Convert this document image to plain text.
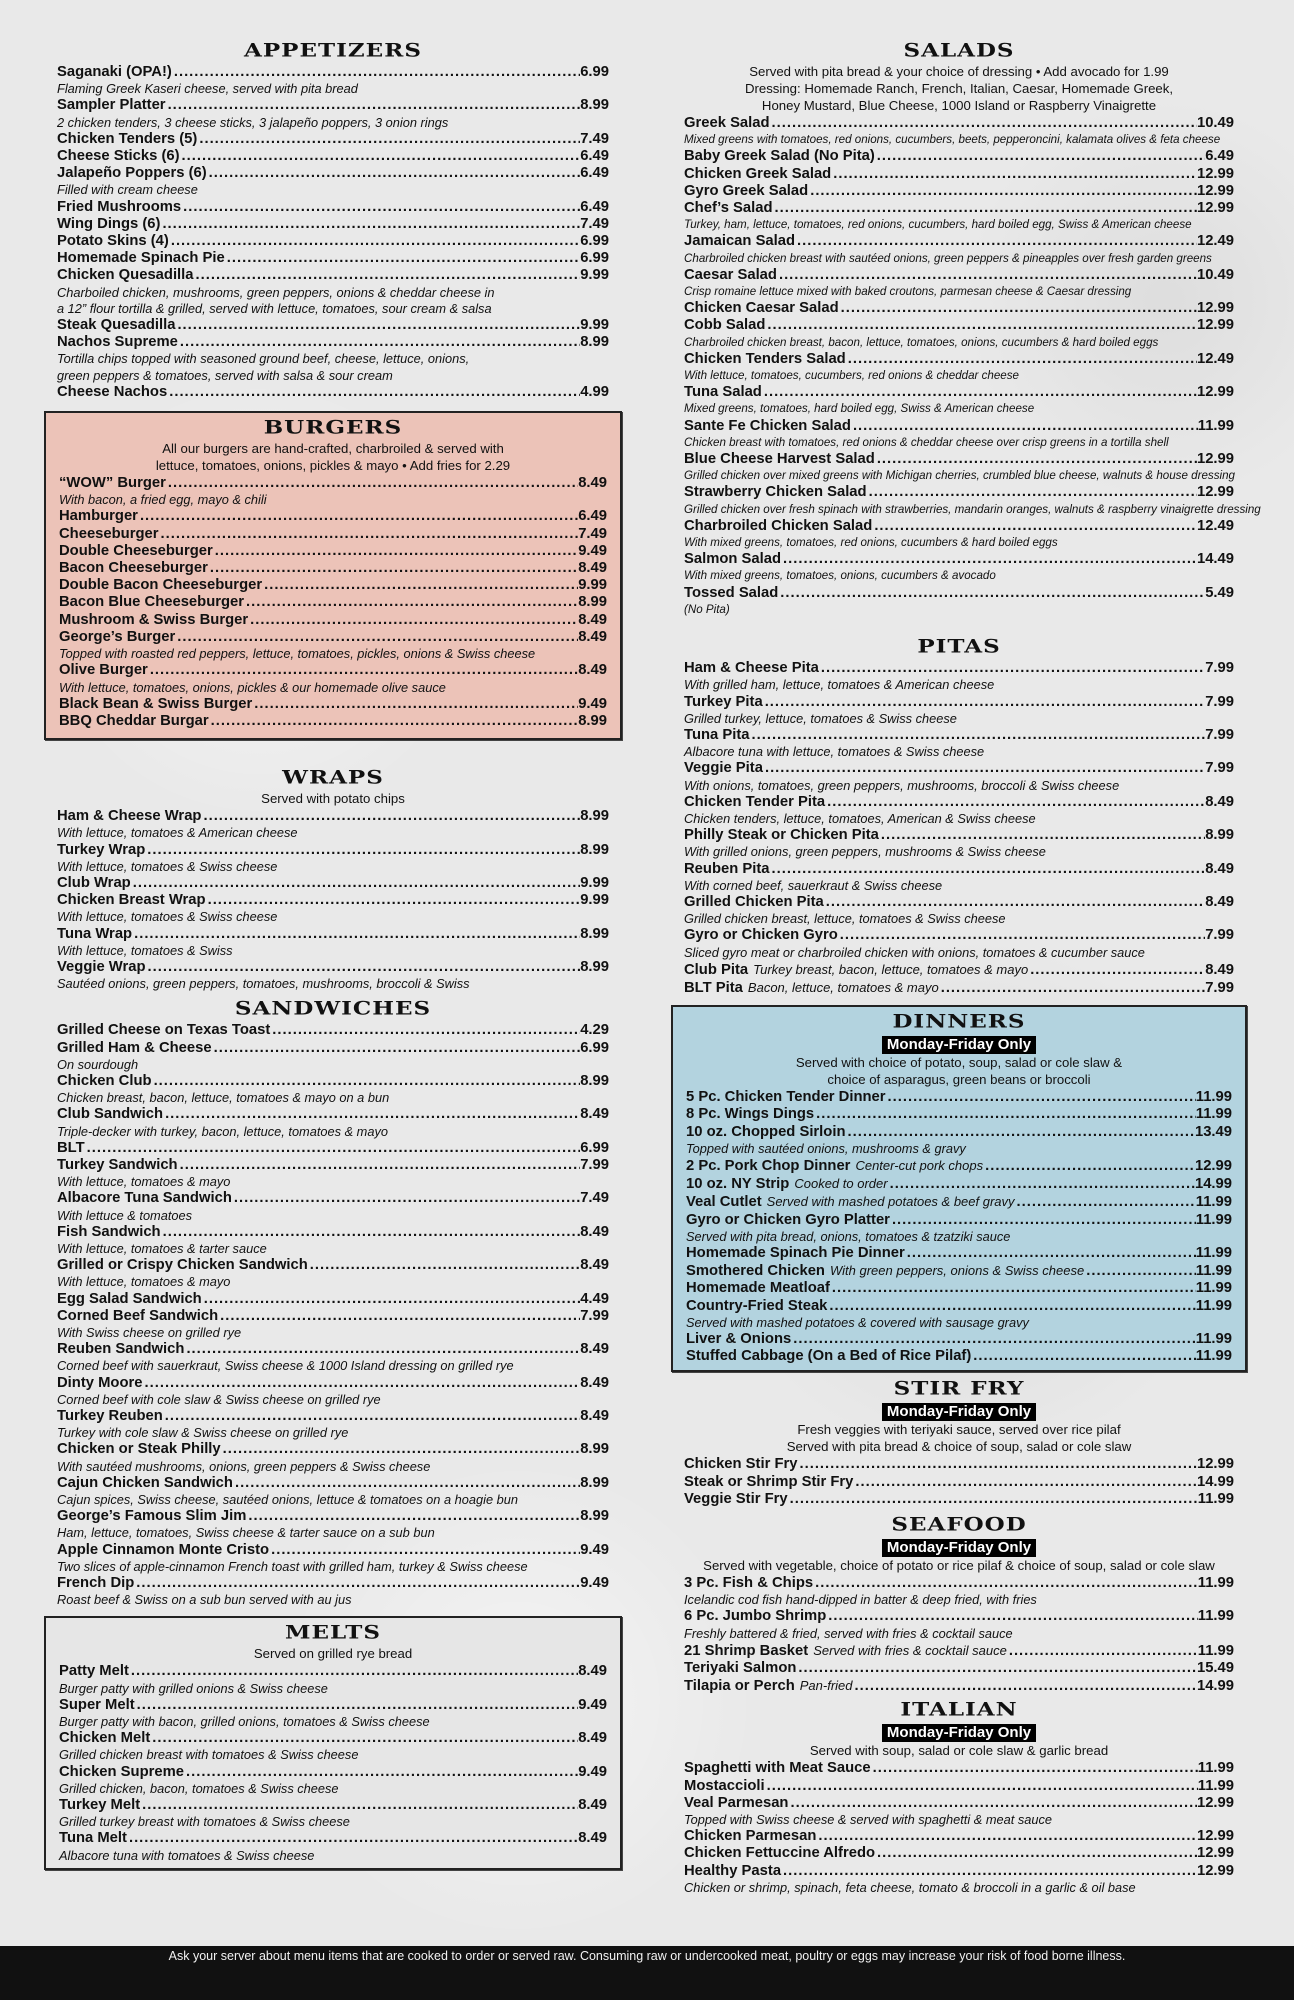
APPETIZERS
Saganaki (OPA!) .....	6.99
Flaming Greek Kaseri cheese, served with pita bread
Sampler Platter .....	8.99
2 chicken tenders, 3 cheese sticks, 3 jalapeño poppers, 3 onion rings
Chicken Tenders (5) .....	7.49
Cheese Sticks (6) .....	6.49
Jalapeño Poppers (6) .....	6.49
Filled with cream cheese
Fried Mushrooms .....	6.49
Wing Dings (6) .....	7.49
Potato Skins (4) .....	6.99
Homemade Spinach Pie .....	6.99
Chicken Quesadilla .....	9.99
Charboiled chicken, mushrooms, green peppers, onions & cheddar cheese in
a 12” flour tortilla & grilled, served with lettuce, tomatoes, sour cream & salsa
Steak Quesadilla .....	9.99
Nachos Supreme .....	8.99
Tortilla chips topped with seasoned ground beef, cheese, lettuce, onions,
green peppers & tomatoes, served with salsa & sour cream
Cheese Nachos .....	4.99
BURGERS
All our burgers are hand-crafted, charbroiled & served with
lettuce, tomatoes, onions, pickles & mayo • Add fries for 2.29
“WOW” Burger .....	8.49
With bacon, a fried egg, mayo & chili
Hamburger .....	6.49
Cheeseburger .....	7.49
Double Cheeseburger .....	9.49
Bacon Cheeseburger .....	8.49
Double Bacon Cheeseburger .....	9.99
Bacon Blue Cheeseburger .....	8.99
Mushroom & Swiss Burger .....	8.49
George’s Burger .....	8.49
Topped with roasted red peppers, lettuce, tomatoes, pickles, onions & Swiss cheese
Olive Burger .....	8.49
With lettuce, tomatoes, onions, pickles & our homemade olive sauce
Black Bean & Swiss Burger .....	9.49
BBQ Cheddar Burgar .....	8.99
WRAPS
Served with potato chips
Ham & Cheese Wrap .....	8.99
With lettuce, tomatoes & American cheese
Turkey Wrap .....	8.99
With lettuce, tomatoes & Swiss cheese
Club Wrap .....	9.99
Chicken Breast Wrap .....	9.99
With lettuce, tomatoes & Swiss cheese
Tuna Wrap .....	8.99
With lettuce, tomatoes & Swiss
Veggie Wrap .....	8.99
Sautéed onions, green peppers, tomatoes, mushrooms, broccoli & Swiss
SANDWICHES
Grilled Cheese on Texas Toast .....	4.29
Grilled Ham & Cheese .....	6.99
On sourdough
Chicken Club .....	8.99
Chicken breast, bacon, lettuce, tomatoes & mayo on a bun
Club Sandwich .....	8.49
Triple-decker with turkey, bacon, lettuce, tomatoes & mayo
BLT .....	6.99
Turkey Sandwich .....	7.99
With lettuce, tomatoes & mayo
Albacore Tuna Sandwich .....	7.49
With lettuce & tomatoes
Fish Sandwich .....	8.49
With lettuce, tomatoes & tarter sauce
Grilled or Crispy Chicken Sandwich .....	8.49
With lettuce, tomatoes & mayo
Egg Salad Sandwich .....	4.49
Corned Beef Sandwich .....	7.99
With Swiss cheese on grilled rye
Reuben Sandwich .....	8.49
Corned beef with sauerkraut, Swiss cheese & 1000 Island dressing on grilled rye
Dinty Moore .....	8.49
Corned beef with cole slaw & Swiss cheese on grilled rye
Turkey Reuben .....	8.49
Turkey with cole slaw & Swiss cheese on grilled rye
Chicken or Steak Philly .....	8.99
With sautéed mushrooms, onions, green peppers & Swiss cheese
Cajun Chicken Sandwich .....	8.99
Cajun spices, Swiss cheese, sautéed onions, lettuce & tomatoes on a hoagie bun
George’s Famous Slim Jim .....	8.99
Ham, lettuce, tomatoes, Swiss cheese & tarter sauce on a sub bun
Apple Cinnamon Monte Cristo .....	9.49
Two slices of apple-cinnamon French toast with grilled ham, turkey & Swiss cheese
French Dip .....	9.49
Roast beef & Swiss on a sub bun served with au jus
MELTS
Served on grilled rye bread
Patty Melt .....	8.49
Burger patty with grilled onions & Swiss cheese
Super Melt .....	9.49
Burger patty with bacon, grilled onions, tomatoes & Swiss cheese
Chicken Melt .....	8.49
Grilled chicken breast with tomatoes & Swiss cheese
Chicken Supreme .....	9.49
Grilled chicken, bacon, tomatoes & Swiss cheese
Turkey Melt .....	8.49
Grilled turkey breast with tomatoes & Swiss cheese
Tuna Melt .....	8.49
Albacore tuna with tomatoes & Swiss cheese
SALADS
Served with pita bread & your choice of dressing • Add avocado for 1.99
Dressing: Homemade Ranch, French, Italian, Caesar, Homemade Greek,
Honey Mustard, Blue Cheese, 1000 Island or Raspberry Vinaigrette
Greek Salad .....	10.49
Mixed greens with tomatoes, red onions, cucumbers, beets, pepperoncini, kalamata olives & feta cheese
Baby Greek Salad (No Pita) .....	6.49
Chicken Greek Salad .....	12.99
Gyro Greek Salad .....	12.99
Chef’s Salad .....	12.99
Turkey, ham, lettuce, tomatoes, red onions, cucumbers, hard boiled egg, Swiss & American cheese
Jamaican Salad .....	12.49
Charbroiled chicken breast with sautéed onions, green peppers & pineapples over fresh garden greens
Caesar Salad .....	10.49
Crisp romaine lettuce mixed with baked croutons, parmesan cheese & Caesar dressing
Chicken Caesar Salad .....	12.99
Cobb Salad .....	12.99
Charbroiled chicken breast, bacon, lettuce, tomatoes, onions, cucumbers & hard boiled eggs
Chicken Tenders Salad .....	12.49
With lettuce, tomatoes, cucumbers, red onions & cheddar cheese
Tuna Salad .....	12.99
Mixed greens, tomatoes, hard boiled egg, Swiss & American cheese
Sante Fe Chicken Salad .....	11.99
Chicken breast with tomatoes, red onions & cheddar cheese over crisp greens in a tortilla shell
Blue Cheese Harvest Salad .....	12.99
Grilled chicken over mixed greens with Michigan cherries, crumbled blue cheese, walnuts & house dressing
Strawberry Chicken Salad .....	12.99
Grilled chicken over fresh spinach with strawberries, mandarin oranges, walnuts & raspberry vinaigrette dressing
Charbroiled Chicken Salad .....	12.49
With mixed greens, tomatoes, red onions, cucumbers & hard boiled eggs
Salmon Salad .....	14.49
With mixed greens, tomatoes, onions, cucumbers & avocado
Tossed Salad .....	5.49
(No Pita)
PITAS
Ham & Cheese Pita .....	7.99
With grilled ham, lettuce, tomatoes & American cheese
Turkey Pita .....	7.99
Grilled turkey, lettuce, tomatoes & Swiss cheese
Tuna Pita .....	7.99
Albacore tuna with lettuce, tomatoes & Swiss cheese
Veggie Pita .....	7.99
With onions, tomatoes, green peppers, mushrooms, broccoli & Swiss cheese
Chicken Tender Pita .....	8.49
Chicken tenders, lettuce, tomatoes, American & Swiss cheese
Philly Steak or Chicken Pita .....	8.99
With grilled onions, green peppers, mushrooms & Swiss cheese
Reuben Pita .....	8.49
With corned beef, sauerkraut & Swiss cheese
Grilled Chicken Pita .....	8.49
Grilled chicken breast, lettuce, tomatoes & Swiss cheese
Gyro or Chicken Gyro .....	7.99
Sliced gyro meat or charbroiled chicken with onions, tomatoes & cucumber sauce
Club Pita Turkey breast, bacon, lettuce, tomatoes & mayo .....	8.49
BLT Pita Bacon, lettuce, tomatoes & mayo .....	7.99
DINNERS
Monday-Friday Only
Served with choice of potato, soup, salad or cole slaw &
choice of asparagus, green beans or broccoli
5 Pc. Chicken Tender Dinner .....	11.99
8 Pc. Wings Dings .....	11.99
10 oz. Chopped Sirloin .....	13.49
Topped with sautéed onions, mushrooms & gravy
2 Pc. Pork Chop Dinner Center-cut pork chops .....	12.99
10 oz. NY Strip Cooked to order .....	14.99
Veal Cutlet Served with mashed potatoes & beef gravy .....	11.99
Gyro or Chicken Gyro Platter .....	11.99
Served with pita bread, onions, tomatoes & tzatziki sauce
Homemade Spinach Pie Dinner .....	11.99
Smothered Chicken With green peppers, onions & Swiss cheese .....	11.99
Homemade Meatloaf .....	11.99
Country-Fried Steak .....	11.99
Served with mashed potatoes & covered with sausage gravy
Liver & Onions .....	11.99
Stuffed Cabbage (On a Bed of Rice Pilaf) .....	11.99
STIR FRY
Monday-Friday Only
Fresh veggies with teriyaki sauce, served over rice pilaf
Served with pita bread & choice of soup, salad or cole slaw
Chicken Stir Fry .....	12.99
Steak or Shrimp Stir Fry .....	14.99
Veggie Stir Fry .....	11.99
SEAFOOD
Monday-Friday Only
Served with vegetable, choice of potato or rice pilaf & choice of soup, salad or cole slaw
3 Pc. Fish & Chips .....	11.99
Icelandic cod fish hand-dipped in batter & deep fried, with fries
6 Pc. Jumbo Shrimp .....	11.99
Freshly battered & fried, served with fries & cocktail sauce
21 Shrimp Basket Served with fries & cocktail sauce .....	11.99
Teriyaki Salmon .....	15.49
Tilapia or Perch Pan-fried .....	14.99
ITALIAN
Monday-Friday Only
Served with soup, salad or cole slaw & garlic bread
Spaghetti with Meat Sauce .....	11.99
Mostaccioli .....	11.99
Veal Parmesan .....	12.99
Topped with Swiss cheese & served with spaghetti & meat sauce
Chicken Parmesan .....	12.99
Chicken Fettuccine Alfredo .....	12.99
Healthy Pasta .....	12.99
Chicken or shrimp, spinach, feta cheese, tomato & broccoli in a garlic & oil base
Ask your server about menu items that are cooked to order or served raw. Consuming raw or undercooked meat, poultry or eggs may increase your risk of food borne illness.
